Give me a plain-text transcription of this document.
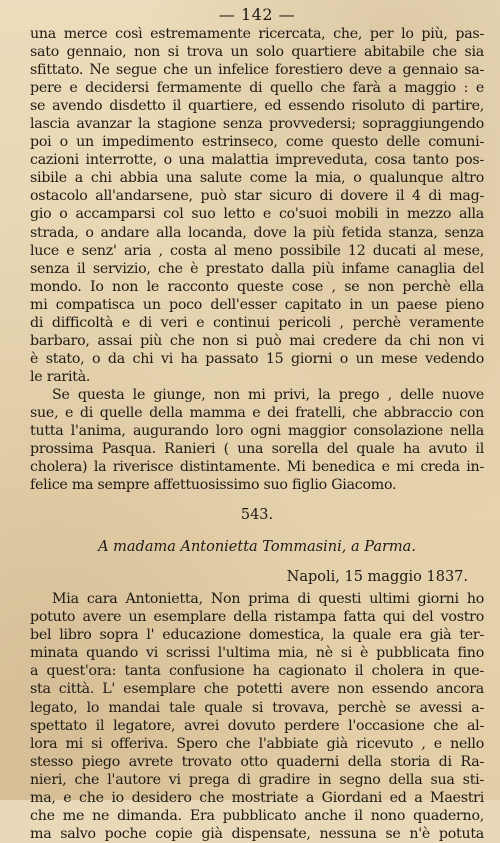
— 142 —
una merce così estremamente ricercata, che, per lo più, pas-
sato gennaio, non si trova un solo quartiere abitabile che sia
sfittato. Ne segue che un infelice forestiero deve a gennaio sa-
pere e decidersi fermamente di quello che farà a maggio : e
se avendo disdetto il quartiere, ed essendo risoluto di partire,
lascia avanzar la stagione senza provvedersi; sopraggiungendo
poi o un impedimento estrinseco, come questo delle comuni-
cazioni interrotte, o una malattia impreveduta, cosa tanto pos-
sibile a chi abbia una salute come la mia, o qualunque altro
ostacolo all'andarsene, può star sicuro di dovere il 4 di mag-
gio o accamparsi col suo letto e co'suoi mobili in mezzo alla
strada, o andare alla locanda, dove la più fetida stanza, senza
luce e senz' aria , costa al meno possibile 12 ducati al mese,
senza il servizio, che è prestato dalla più infame canaglia del
mondo. Io non le racconto queste cose , se non perchè ella
mi compatisca un poco dell'esser capitato in un paese pieno
di difficoltà e di veri e continui pericoli , perchè veramente
barbaro, assai più che non si può mai credere da chi non vi
è stato, o da chi vi ha passato 15 giorni o un mese vedendo
le rarità.
Se questa le giunge, non mi privi, la prego , delle nuove
sue, e di quelle della mamma e dei fratelli, che abbraccio con
tutta l'anima, augurando loro ogni maggior consolazione nella
prossima Pasqua. Ranieri ( una sorella del quale ha avuto il
cholera) la riverisce distintamente. Mi benedica e mi creda in-
felice ma sempre affettuosissimo suo figlio Giacomo.
543.
A madama Antonietta Tommasini, a Parma.
Napoli, 15 maggio 1837.
Mia cara Antonietta, Non prima di questi ultimi giorni ho
potuto avere un esemplare della ristampa fatta qui del vostro
bel libro sopra l' educazione domestica, la quale era già ter-
minata quando vi scrissi l'ultima mia, nè si è pubblicata fino
a quest'ora: tanta confusione ha cagionato il cholera in que-
sta città. L' esemplare che potetti avere non essendo ancora
legato, lo mandai tale quale si trovava, perchè se avessi a-
spettato il legatore, avrei dovuto perdere l'occasione che al-
lora mi si offeriva. Spero che l'abbiate già ricevuto , e nello
stesso piego avrete trovato otto quaderni della storia di Ra-
nieri, che l'autore vi prega di gradire in segno della sua sti-
ma, e che io desidero che mostriate a Giordani ed a Maestri
che me ne dimanda. Era pubblicato anche il nono quaderno,
ma salvo poche copie già dispensate, nessuna se n'è potuta
